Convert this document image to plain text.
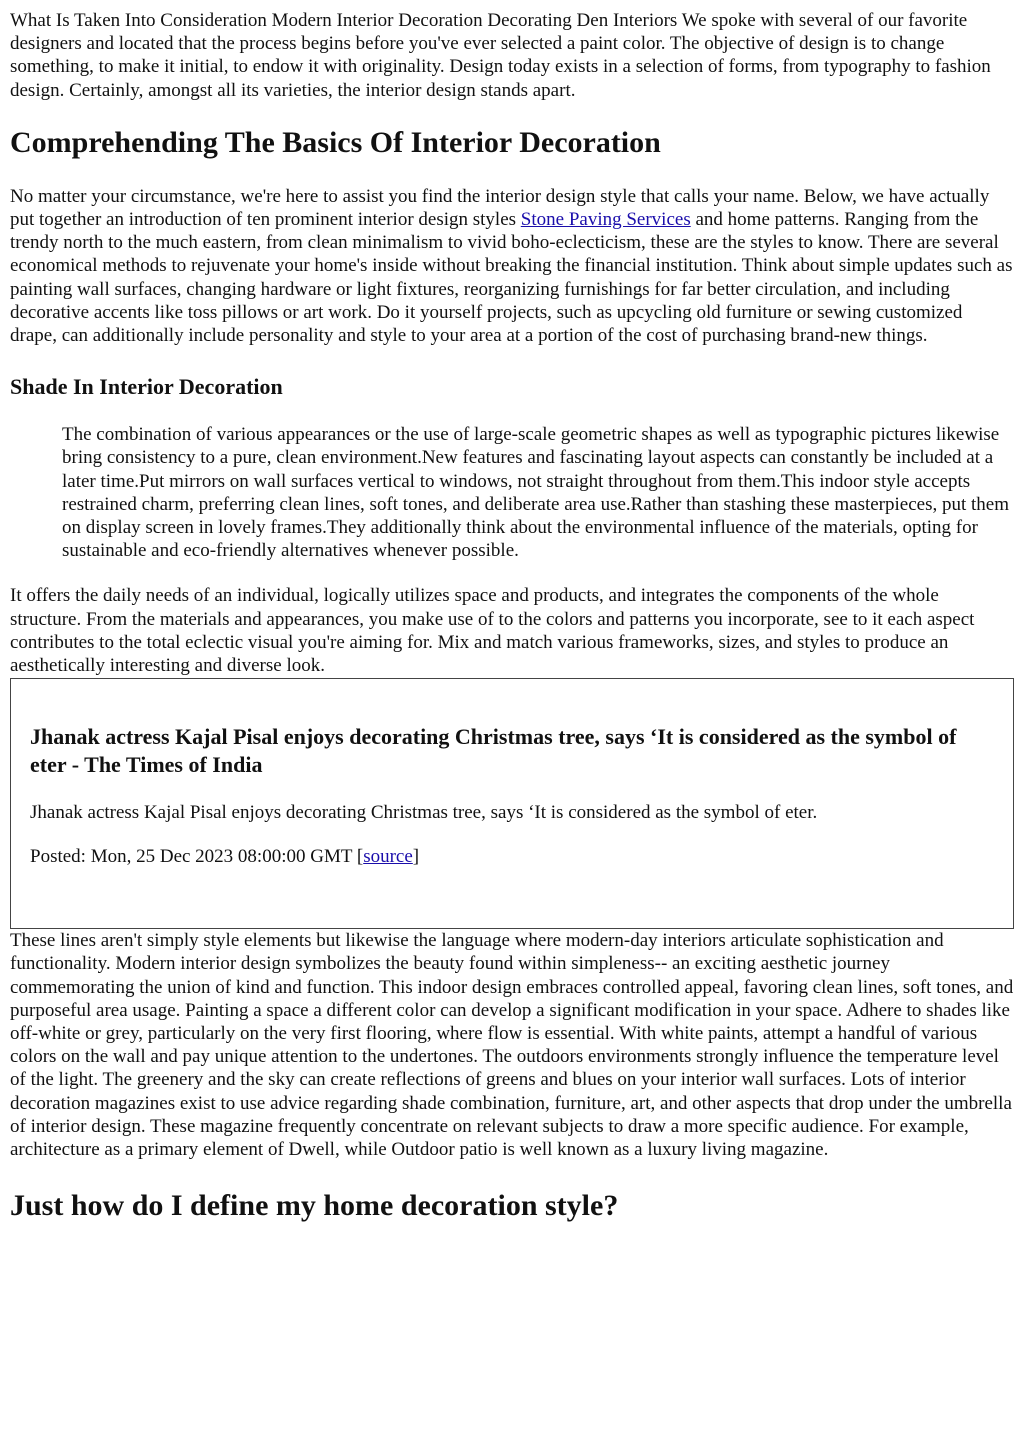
What Is Taken Into Consideration Modern Interior Decoration Decorating Den Interiors We spoke with several of our favorite designers and located that the process begins before you've ever selected a paint color. The objective of design is to change something, to make it initial, to endow it with originality. Design today exists in a selection of forms, from typography to fashion design. Certainly, amongst all its varieties, the interior design stands apart.

Comprehending The Basics Of Interior Decoration

No matter your circumstance, we're here to assist you find the interior design style that calls your name. Below, we have actually put together an introduction of ten prominent interior design styles Stone Paving Services and home patterns. Ranging from the trendy north to the much eastern, from clean minimalism to vivid boho-eclecticism, these are the styles to know. There are several economical methods to rejuvenate your home's inside without breaking the financial institution. Think about simple updates such as painting wall surfaces, changing hardware or light fixtures, reorganizing furnishings for far better circulation, and including decorative accents like toss pillows or art work. Do it yourself projects, such as upcycling old furniture or sewing customized drape, can additionally include personality and style to your area at a portion of the cost of purchasing brand-new things.

Shade In Interior Decoration

The combination of various appearances or the use of large-scale geometric shapes as well as typographic pictures likewise bring consistency to a pure, clean environment.New features and fascinating layout aspects can constantly be included at a later time.Put mirrors on wall surfaces vertical to windows, not straight throughout from them.This indoor style accepts restrained charm, preferring clean lines, soft tones, and deliberate area use.Rather than stashing these masterpieces, put them on display screen in lovely frames.They additionally think about the environmental influence of the materials, opting for sustainable and eco-friendly alternatives whenever possible.

It offers the daily needs of an individual, logically utilizes space and products, and integrates the components of the whole structure. From the materials and appearances, you make use of to the colors and patterns you incorporate, see to it each aspect contributes to the total eclectic visual you're aiming for. Mix and match various frameworks, sizes, and styles to produce an aesthetically interesting and diverse look.

Jhanak actress Kajal Pisal enjoys decorating Christmas tree, says ‘It is considered as the symbol of eter - The Times of India

Jhanak actress Kajal Pisal enjoys decorating Christmas tree, says ‘It is considered as the symbol of eter.

Posted: Mon, 25 Dec 2023 08:00:00 GMT [source]

These lines aren't simply style elements but likewise the language where modern-day interiors articulate sophistication and functionality. Modern interior design symbolizes the beauty found within simpleness-- an exciting aesthetic journey commemorating the union of kind and function. This indoor design embraces controlled appeal, favoring clean lines, soft tones, and purposeful area usage. Painting a space a different color can develop a significant modification in your space. Adhere to shades like off-white or grey, particularly on the very first flooring, where flow is essential. With white paints, attempt a handful of various colors on the wall and pay unique attention to the undertones. The outdoors environments strongly influence the temperature level of the light. The greenery and the sky can create reflections of greens and blues on your interior wall surfaces. Lots of interior decoration magazines exist to use advice regarding shade combination, furniture, art, and other aspects that drop under the umbrella of interior design. These magazine frequently concentrate on relevant subjects to draw a more specific audience. For example, architecture as a primary element of Dwell, while Outdoor patio is well known as a luxury living magazine.

Just how do I define my home decoration style?
